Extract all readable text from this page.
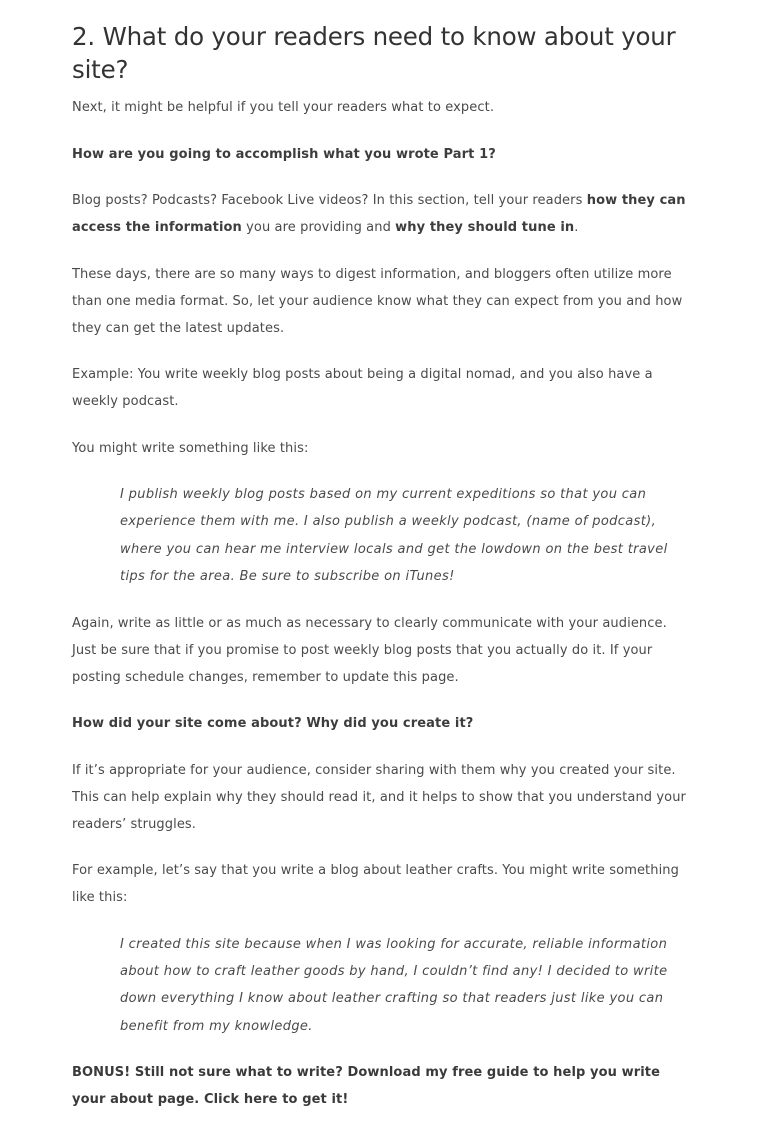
2. What do your readers need to know about your site?

Next, it might be helpful if you tell your readers what to expect.

How are you going to accomplish what you wrote Part 1?

Blog posts? Podcasts? Facebook Live videos? In this section, tell your readers how they can access the information you are providing and why they should tune in.

These days, there are so many ways to digest information, and bloggers often utilize more than one media format. So, let your audience know what they can expect from you and how they can get the latest updates.

Example: You write weekly blog posts about being a digital nomad, and you also have a weekly podcast.

You might write something like this:

I publish weekly blog posts based on my current expeditions so that you can experience them with me. I also publish a weekly podcast, (name of podcast), where you can hear me interview locals and get the lowdown on the best travel tips for the area. Be sure to subscribe on iTunes!

Again, write as little or as much as necessary to clearly communicate with your audience. Just be sure that if you promise to post weekly blog posts that you actually do it. If your posting schedule changes, remember to update this page.

How did your site come about? Why did you create it?

If it’s appropriate for your audience, consider sharing with them why you created your site. This can help explain why they should read it, and it helps to show that you understand your readers’ struggles.

For example, let’s say that you write a blog about leather crafts. You might write something like this:

I created this site because when I was looking for accurate, reliable information about how to craft leather goods by hand, I couldn’t find any! I decided to write down everything I know about leather crafting so that readers just like you can benefit from my knowledge.

BONUS! Still not sure what to write? Download my free guide to help you write your about page. Click here to get it!
